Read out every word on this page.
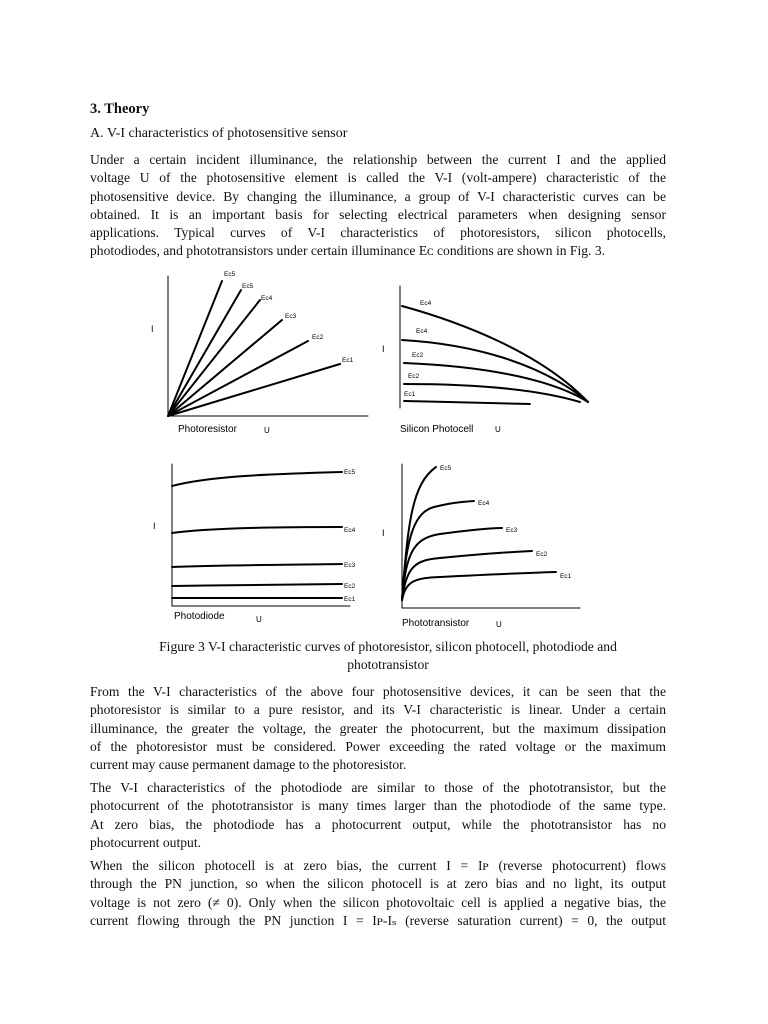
3. Theory
A. V-I characteristics of photosensitive sensor
Under a certain incident illuminance, the relationship between the current I and the applied
voltage U of the photosensitive element is called the V-I (volt-ampere) characteristic of the
photosensitive device. By changing the illuminance, a group of V-I characteristic curves can be
obtained. It is an important basis for selecting electrical parameters when designing sensor
applications. Typical curves of V-I characteristics of photoresistors, silicon photocells,
photodiodes, and phototransistors under certain illuminance Eᴄ conditions are shown in Fig. 3.
I
I
I
I
Ec5
Ec5
Ec4
Ec3
Ec2
Ec1
Ec4
Ec4
Ec2
Ec2
Ec1
Ec5
Ec4
Ec3
Ec2
Ec1
Ec5
Ec4
Ec3
Ec2
Ec1
Photoresistor	U	Silicon Photocell	U
Photodiode	U	Phototransistor	U
Figure 3 V-I characteristic curves of photoresistor, silicon photocell, photodiode and
phototransistor
From the V-I characteristics of the above four photosensitive devices, it can be seen that the
photoresistor is similar to a pure resistor, and its V-I characteristic is linear. Under a certain
illuminance, the greater the voltage, the greater the photocurrent, but the maximum dissipation
of the photoresistor must be considered. Power exceeding the rated voltage or the maximum
current may cause permanent damage to the photoresistor.
The V-I characteristics of the photodiode are similar to those of the phototransistor, but the
photocurrent of the phototransistor is many times larger than the photodiode of the same type.
At zero bias, the photodiode has a photocurrent output, while the phototransistor has no
photocurrent output.
When the silicon photocell is at zero bias, the current I = Iᴘ (reverse photocurrent) flows
through the PN junction, so when the silicon photocell is at zero bias and no light, its output
voltage is not zero (≠ 0). Only when the silicon photovoltaic cell is applied a negative bias, the
current flowing through the PN junction I = Iᴘ-Iₛ (reverse saturation current) = 0, the output
